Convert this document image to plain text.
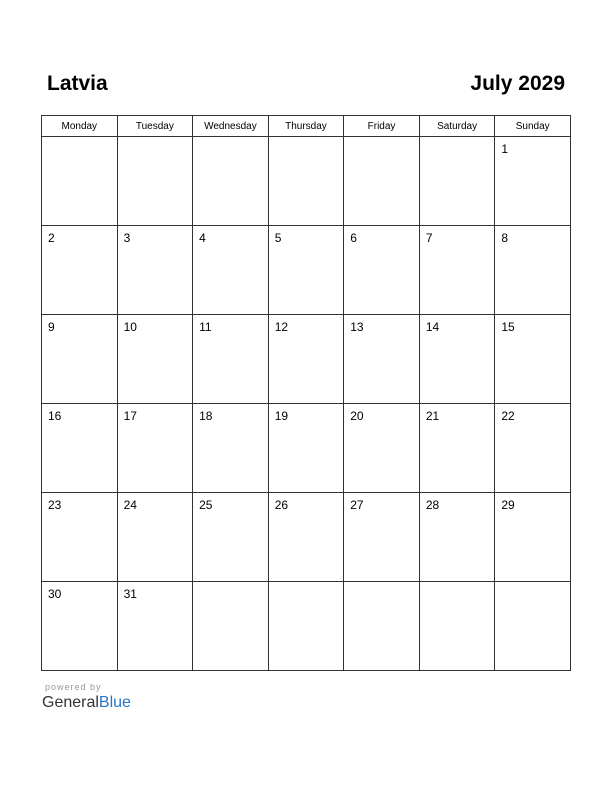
Latvia	July 2029
Monday	Tuesday	Wednesday	Thursday	Friday	Saturday	Sunday

						1

2	3	4	5	6	7	8

9	10	11	12	13	14	15

16	17	18	19	20	21	22

23	24	25	26	27	28	29

30	31					

powered by
GeneralBlue
